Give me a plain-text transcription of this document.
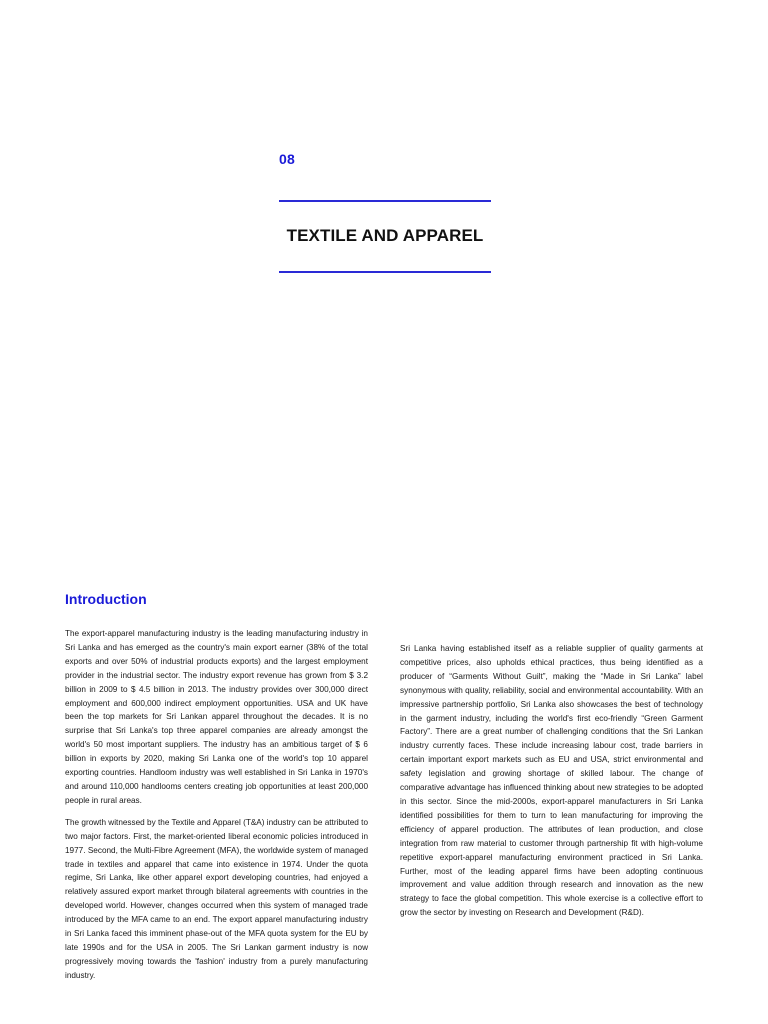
08
TEXTILE AND APPAREL
Introduction

The export-apparel manufacturing industry is the leading manufacturing industry in Sri Lanka and has emerged as the country's main export earner (38% of the total exports and over 50% of industrial products exports) and the largest employment provider in the industrial sector. The industry export revenue has grown from $ 3.2 billion in 2009 to $ 4.5 billion in 2013. The industry provides over 300,000 direct employment and 600,000 indirect employment opportunities. USA and UK have been the top markets for Sri Lankan apparel throughout the decades. It is no surprise that Sri Lanka's top three apparel companies are already amongst the world's 50 most important suppliers. The industry has an ambitious target of $ 6 billion in exports by 2020, making Sri Lanka one of the world's top 10 apparel exporting countries. Handloom industry was well established in Sri Lanka in 1970's and around 110,000 handlooms centers creating job opportunities at least 200,000 people in rural areas.

The growth witnessed by the Textile and Apparel (T&A) industry can be attributed to two major factors. First, the market-oriented liberal economic policies introduced in 1977. Second, the Multi-Fibre Agreement (MFA), the worldwide system of managed trade in textiles and apparel that came into existence in 1974. Under the quota regime, Sri Lanka, like other apparel export developing countries, had enjoyed a relatively assured export market through bilateral agreements with countries in the developed world. However, changes occurred when this system of managed trade introduced by the MFA came to an end. The export apparel manufacturing industry in Sri Lanka faced this imminent phase-out of the MFA quota system for the EU by late 1990s and for the USA in 2005. The Sri Lankan garment industry is now progressively moving towards the 'fashion' industry from a purely manufacturing industry.

Sri Lanka having established itself as a reliable supplier of quality garments at competitive prices, also upholds ethical practices, thus being identified as a producer of “Garments Without Guilt”, making the “Made in Sri Lanka” label synonymous with quality, reliability, social and environmental accountability. With an impressive partnership portfolio, Sri Lanka also showcases the best of technology in the garment industry, including the world's first eco-friendly “Green Garment Factory”. There are a great number of challenging conditions that the Sri Lankan industry currently faces. These include increasing labour cost, trade barriers in certain important export markets such as EU and USA, strict environmental and safety legislation and growing shortage of skilled labour. The change of comparative advantage has influenced thinking about new strategies to be adopted in this sector. Since the mid-2000s, export-apparel manufacturers in Sri Lanka identified possibilities for them to turn to lean manufacturing for improving the efficiency of apparel production. The attributes of lean production, and close integration from raw material to customer through partnership fit with high-volume repetitive export-apparel manufacturing environment practiced in Sri Lanka. Further, most of the leading apparel firms have been adopting continuous improvement and value addition through research and innovation as the new strategy to face the global competition. This whole exercise is a collective effort to grow the sector by investing on Research and Development (R&D).
